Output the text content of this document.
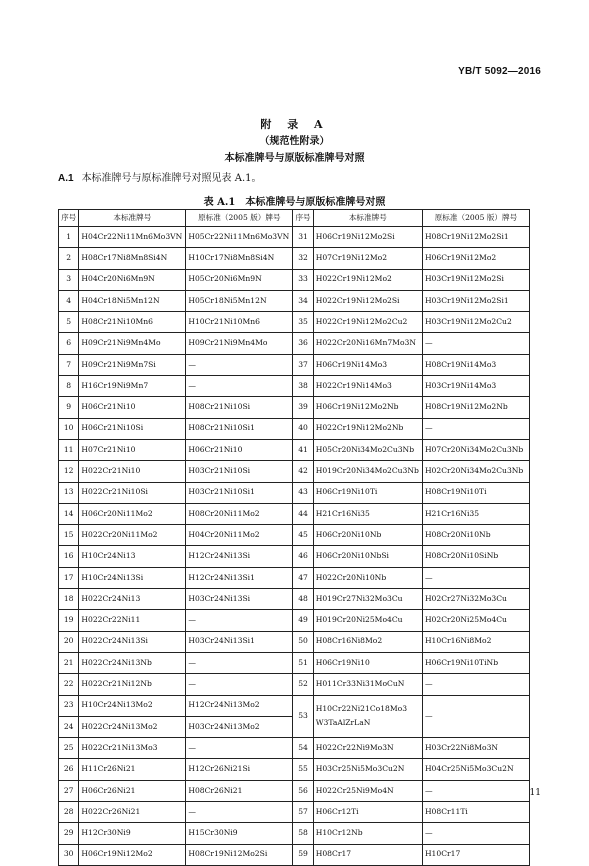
YB/T 5092—2016
附 录 A
（规范性附录）
本标准牌号与原版标准牌号对照
A.1 本标准牌号与原标准牌号对照见表 A.1。
表 A.1　本标准牌号与原版标准牌号对照
序号	本标准牌号	原标准（2005 版）牌号	序号	本标准牌号	原标准（2005 版）牌号
1	H04Cr22Ni11Mn6Mo3VN	H05Cr22Ni11Mn6Mo3VN	31	H06Cr19Ni12Mo2Si	H08Cr19Ni12Mo2Si1
2	H08Cr17Ni8Mn8Si4N	H10Cr17Ni8Mn8Si4N	32	H07Cr19Ni12Mo2	H06Cr19Ni12Mo2
3	H04Cr20Ni6Mn9N	H05Cr20Ni6Mn9N	33	H022Cr19Ni12Mo2	H03Cr19Ni12Mo2Si
4	H04Cr18Ni5Mn12N	H05Cr18Ni5Mn12N	34	H022Cr19Ni12Mo2Si	H03Cr19Ni12Mo2Si1
5	H08Cr21Ni10Mn6	H10Cr21Ni10Mn6	35	H022Cr19Ni12Mo2Cu2	H03Cr19Ni12Mo2Cu2
6	H09Cr21Ni9Mn4Mo	H09Cr21Ni9Mn4Mo	36	H022Cr20Ni16Mn7Mo3N	—
7	H09Cr21Ni9Mn7Si	—	37	H06Cr19Ni14Mo3	H08Cr19Ni14Mo3
8	H16Cr19Ni9Mn7	—	38	H022Cr19Ni14Mo3	H03Cr19Ni14Mo3
9	H06Cr21Ni10	H08Cr21Ni10Si	39	H06Cr19Ni12Mo2Nb	H08Cr19Ni12Mo2Nb
10	H06Cr21Ni10Si	H08Cr21Ni10Si1	40	H022Cr19Ni12Mo2Nb	—
11	H07Cr21Ni10	H06Cr21Ni10	41	H05Cr20Ni34Mo2Cu3Nb	H07Cr20Ni34Mo2Cu3Nb
12	H022Cr21Ni10	H03Cr21Ni10Si	42	H019Cr20Ni34Mo2Cu3Nb	H02Cr20Ni34Mo2Cu3Nb
13	H022Cr21Ni10Si	H03Cr21Ni10Si1	43	H06Cr19Ni10Ti	H08Cr19Ni10Ti
14	H06Cr20Ni11Mo2	H08Cr20Ni11Mo2	44	H21Cr16Ni35	H21Cr16Ni35
15	H022Cr20Ni11Mo2	H04Cr20Ni11Mo2	45	H06Cr20Ni10Nb	H08Cr20Ni10Nb
16	H10Cr24Ni13	H12Cr24Ni13Si	46	H06Cr20Ni10NbSi	H08Cr20Ni10SiNb
17	H10Cr24Ni13Si	H12Cr24Ni13Si1	47	H022Cr20Ni10Nb	—
18	H022Cr24Ni13	H03Cr24Ni13Si	48	H019Cr27Ni32Mo3Cu	H02Cr27Ni32Mo3Cu
19	H022Cr22Ni11	—	49	H019Cr20Ni25Mo4Cu	H02Cr20Ni25Mo4Cu
20	H022Cr24Ni13Si	H03Cr24Ni13Si1	50	H08Cr16Ni8Mo2	H10Cr16Ni8Mo2
21	H022Cr24Ni13Nb	—	51	H06Cr19Ni10	H06Cr19Ni10TiNb
22	H022Cr21Ni12Nb	—	52	H011Cr33Ni31MoCuN	—
23	H10Cr24Ni13Mo2	H12Cr24Ni13Mo2	53	H10Cr22Ni21Co18Mo3 W3TaAlZrLaN	—
24	H022Cr24Ni13Mo2	H03Cr24Ni13Mo2			
25	H022Cr21Ni13Mo3	—	54	H022Cr22Ni9Mo3N	H03Cr22Ni8Mo3N
26	H11Cr26Ni21	H12Cr26Ni21Si	55	H03Cr25Ni5Mo3Cu2N	H04Cr25Ni5Mo3Cu2N
27	H06Cr26Ni21	H08Cr26Ni21	56	H022Cr25Ni9Mo4N	—
28	H022Cr26Ni21	—	57	H06Cr12Ti	H08Cr11Ti
29	H12Cr30Ni9	H15Cr30Ni9	58	H10Cr12Nb	—
30	H06Cr19Ni12Mo2	H08Cr19Ni12Mo2Si	59	H08Cr17	H10Cr17
11
